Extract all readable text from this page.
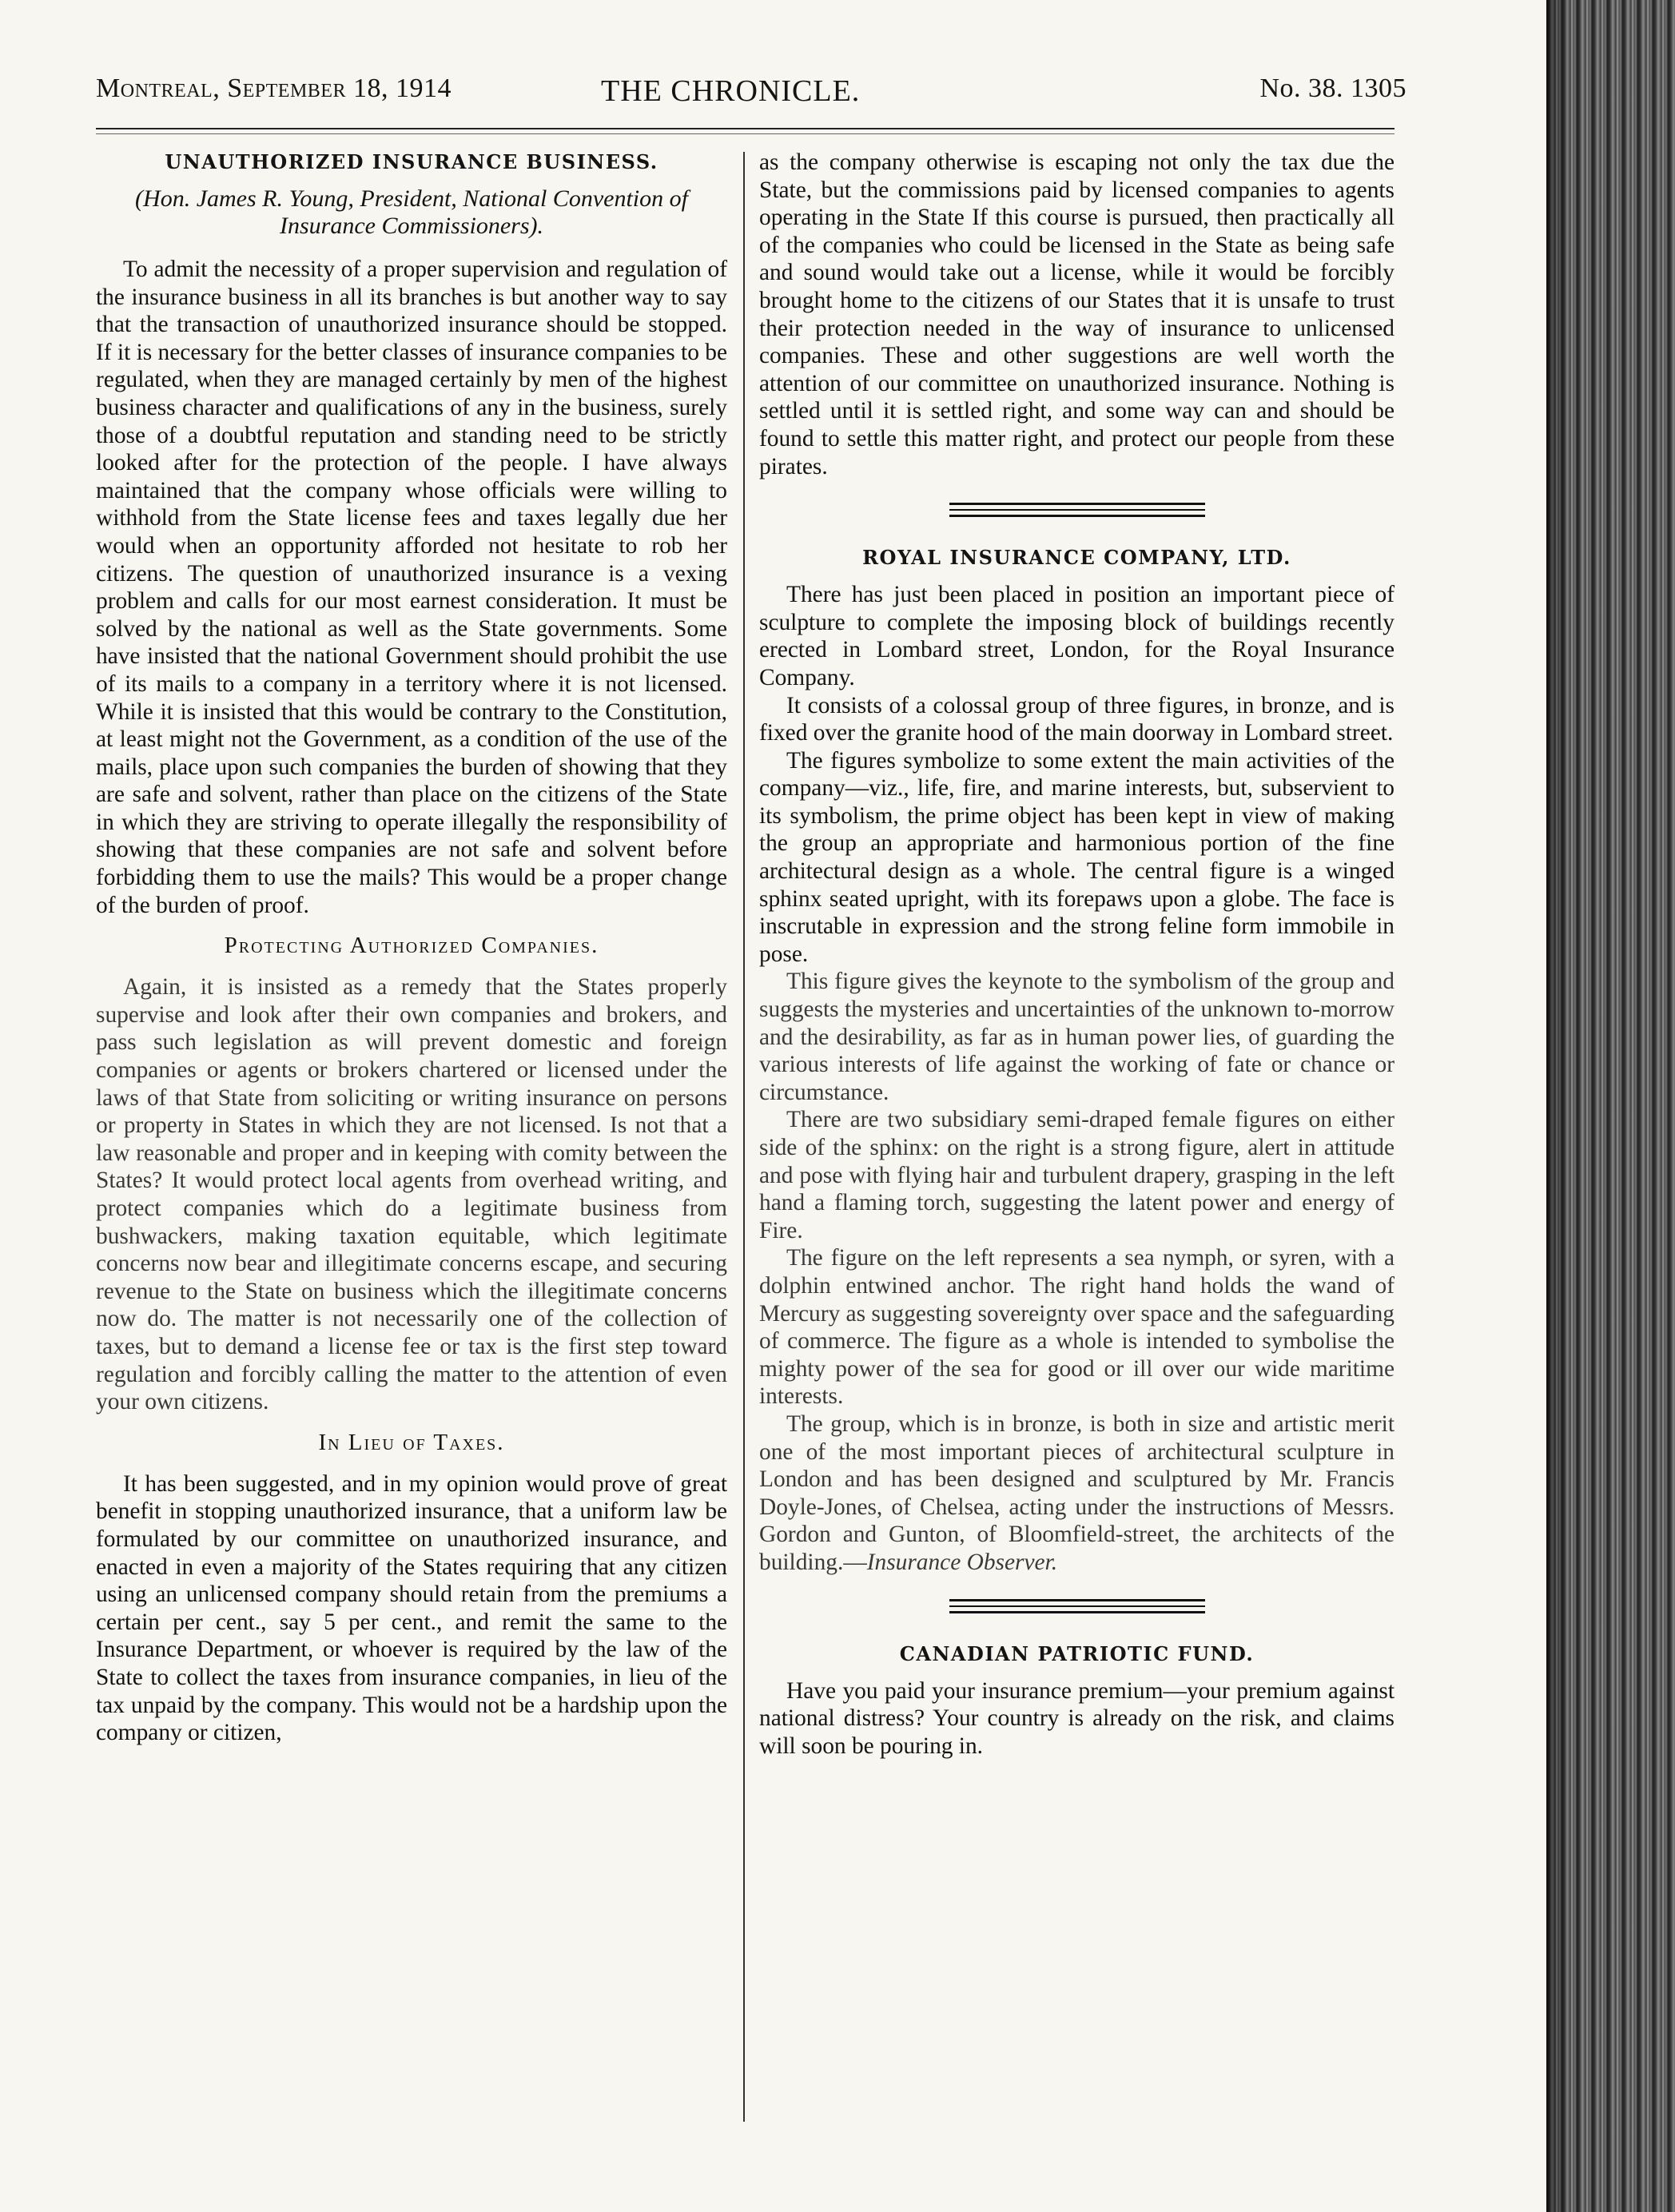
Montreal, September 18, 1914	THE CHRONICLE.	No. 38. 1305
UNAUTHORIZED INSURANCE BUSINESS.
(Hon. James R. Young, President, National Convention of Insurance Commissioners).

To admit the necessity of a proper supervision and regulation of the insurance business in all its branches is but another way to say that the transaction of unauthorized insurance should be stopped. If it is necessary for the better classes of insurance companies to be regulated, when they are managed certainly by men of the highest business character and qualifications of any in the business, surely those of a doubtful reputation and standing need to be strictly looked after for the protection of the people. I have always maintained that the company whose officials were willing to withhold from the State license fees and taxes legally due her would when an opportunity afforded not hesitate to rob her citizens. The question of unauthorized insurance is a vexing problem and calls for our most earnest consideration. It must be solved by the national as well as the State governments. Some have insisted that the national Government should prohibit the use of its mails to a company in a territory where it is not licensed. While it is insisted that this would be contrary to the Constitution, at least might not the Government, as a condition of the use of the mails, place upon such companies the burden of showing that they are safe and solvent, rather than place on the citizens of the State in which they are striving to operate illegally the responsibility of showing that these companies are not safe and solvent before forbidding them to use the mails? This would be a proper change of the burden of proof.

Protecting Authorized Companies.

Again, it is insisted as a remedy that the States properly supervise and look after their own companies and brokers, and pass such legislation as will prevent domestic and foreign companies or agents or brokers chartered or licensed under the laws of that State from soliciting or writing insurance on persons or property in States in which they are not licensed. Is not that a law reasonable and proper and in keeping with comity between the States? It would protect local agents from overhead writing, and protect companies which do a legitimate business from bushwackers, making taxation equitable, which legitimate concerns now bear and illegitimate concerns escape, and securing revenue to the State on business which the illegitimate concerns now do. The matter is not necessarily one of the collection of taxes, but to demand a license fee or tax is the first step toward regulation and forcibly calling the matter to the attention of even your own citizens.

In Lieu of Taxes.

It has been suggested, and in my opinion would prove of great benefit in stopping unauthorized insurance, that a uniform law be formulated by our committee on unauthorized insurance, and enacted in even a majority of the States requiring that any citizen using an unlicensed company should retain from the premiums a certain per cent., say 5 per cent., and remit the same to the Insurance Department, or whoever is required by the law of the State to collect the taxes from insurance companies, in lieu of the tax unpaid by the company. This would not be a hardship upon the company or citizen,

as the company otherwise is escaping not only the tax due the State, but the commissions paid by licensed companies to agents operating in the State If this course is pursued, then practically all of the companies who could be licensed in the State as being safe and sound would take out a license, while it would be forcibly brought home to the citizens of our States that it is unsafe to trust their protection needed in the way of insurance to unlicensed companies. These and other suggestions are well worth the attention of our committee on unauthorized insurance. Nothing is settled until it is settled right, and some way can and should be found to settle this matter right, and protect our people from these pirates.

ROYAL INSURANCE COMPANY, LTD.

There has just been placed in position an important piece of sculpture to complete the imposing block of buildings recently erected in Lombard street, London, for the Royal Insurance Company.

It consists of a colossal group of three figures, in bronze, and is fixed over the granite hood of the main doorway in Lombard street.

The figures symbolize to some extent the main activities of the company—viz., life, fire, and marine interests, but, subservient to its symbolism, the prime object has been kept in view of making the group an appropriate and harmonious portion of the fine architectural design as a whole. The central figure is a winged sphinx seated upright, with its forepaws upon a globe. The face is inscrutable in expression and the strong feline form immobile in pose.

This figure gives the keynote to the symbolism of the group and suggests the mysteries and uncertainties of the unknown to-morrow and the desirability, as far as in human power lies, of guarding the various interests of life against the working of fate or chance or circumstance.

There are two subsidiary semi-draped female figures on either side of the sphinx: on the right is a strong figure, alert in attitude and pose with flying hair and turbulent drapery, grasping in the left hand a flaming torch, suggesting the latent power and energy of Fire.

The figure on the left represents a sea nymph, or syren, with a dolphin entwined anchor. The right hand holds the wand of Mercury as suggesting sovereignty over space and the safeguarding of commerce. The figure as a whole is intended to symbolise the mighty power of the sea for good or ill over our wide maritime interests.

The group, which is in bronze, is both in size and artistic merit one of the most important pieces of architectural sculpture in London and has been designed and sculptured by Mr. Francis Doyle-Jones, of Chelsea, acting under the instructions of Messrs. Gordon and Gunton, of Bloomfield-street, the architects of the building.—Insurance Observer.

CANADIAN PATRIOTIC FUND.

Have you paid your insurance premium—your premium against national distress? Your country is already on the risk, and claims will soon be pouring in.
